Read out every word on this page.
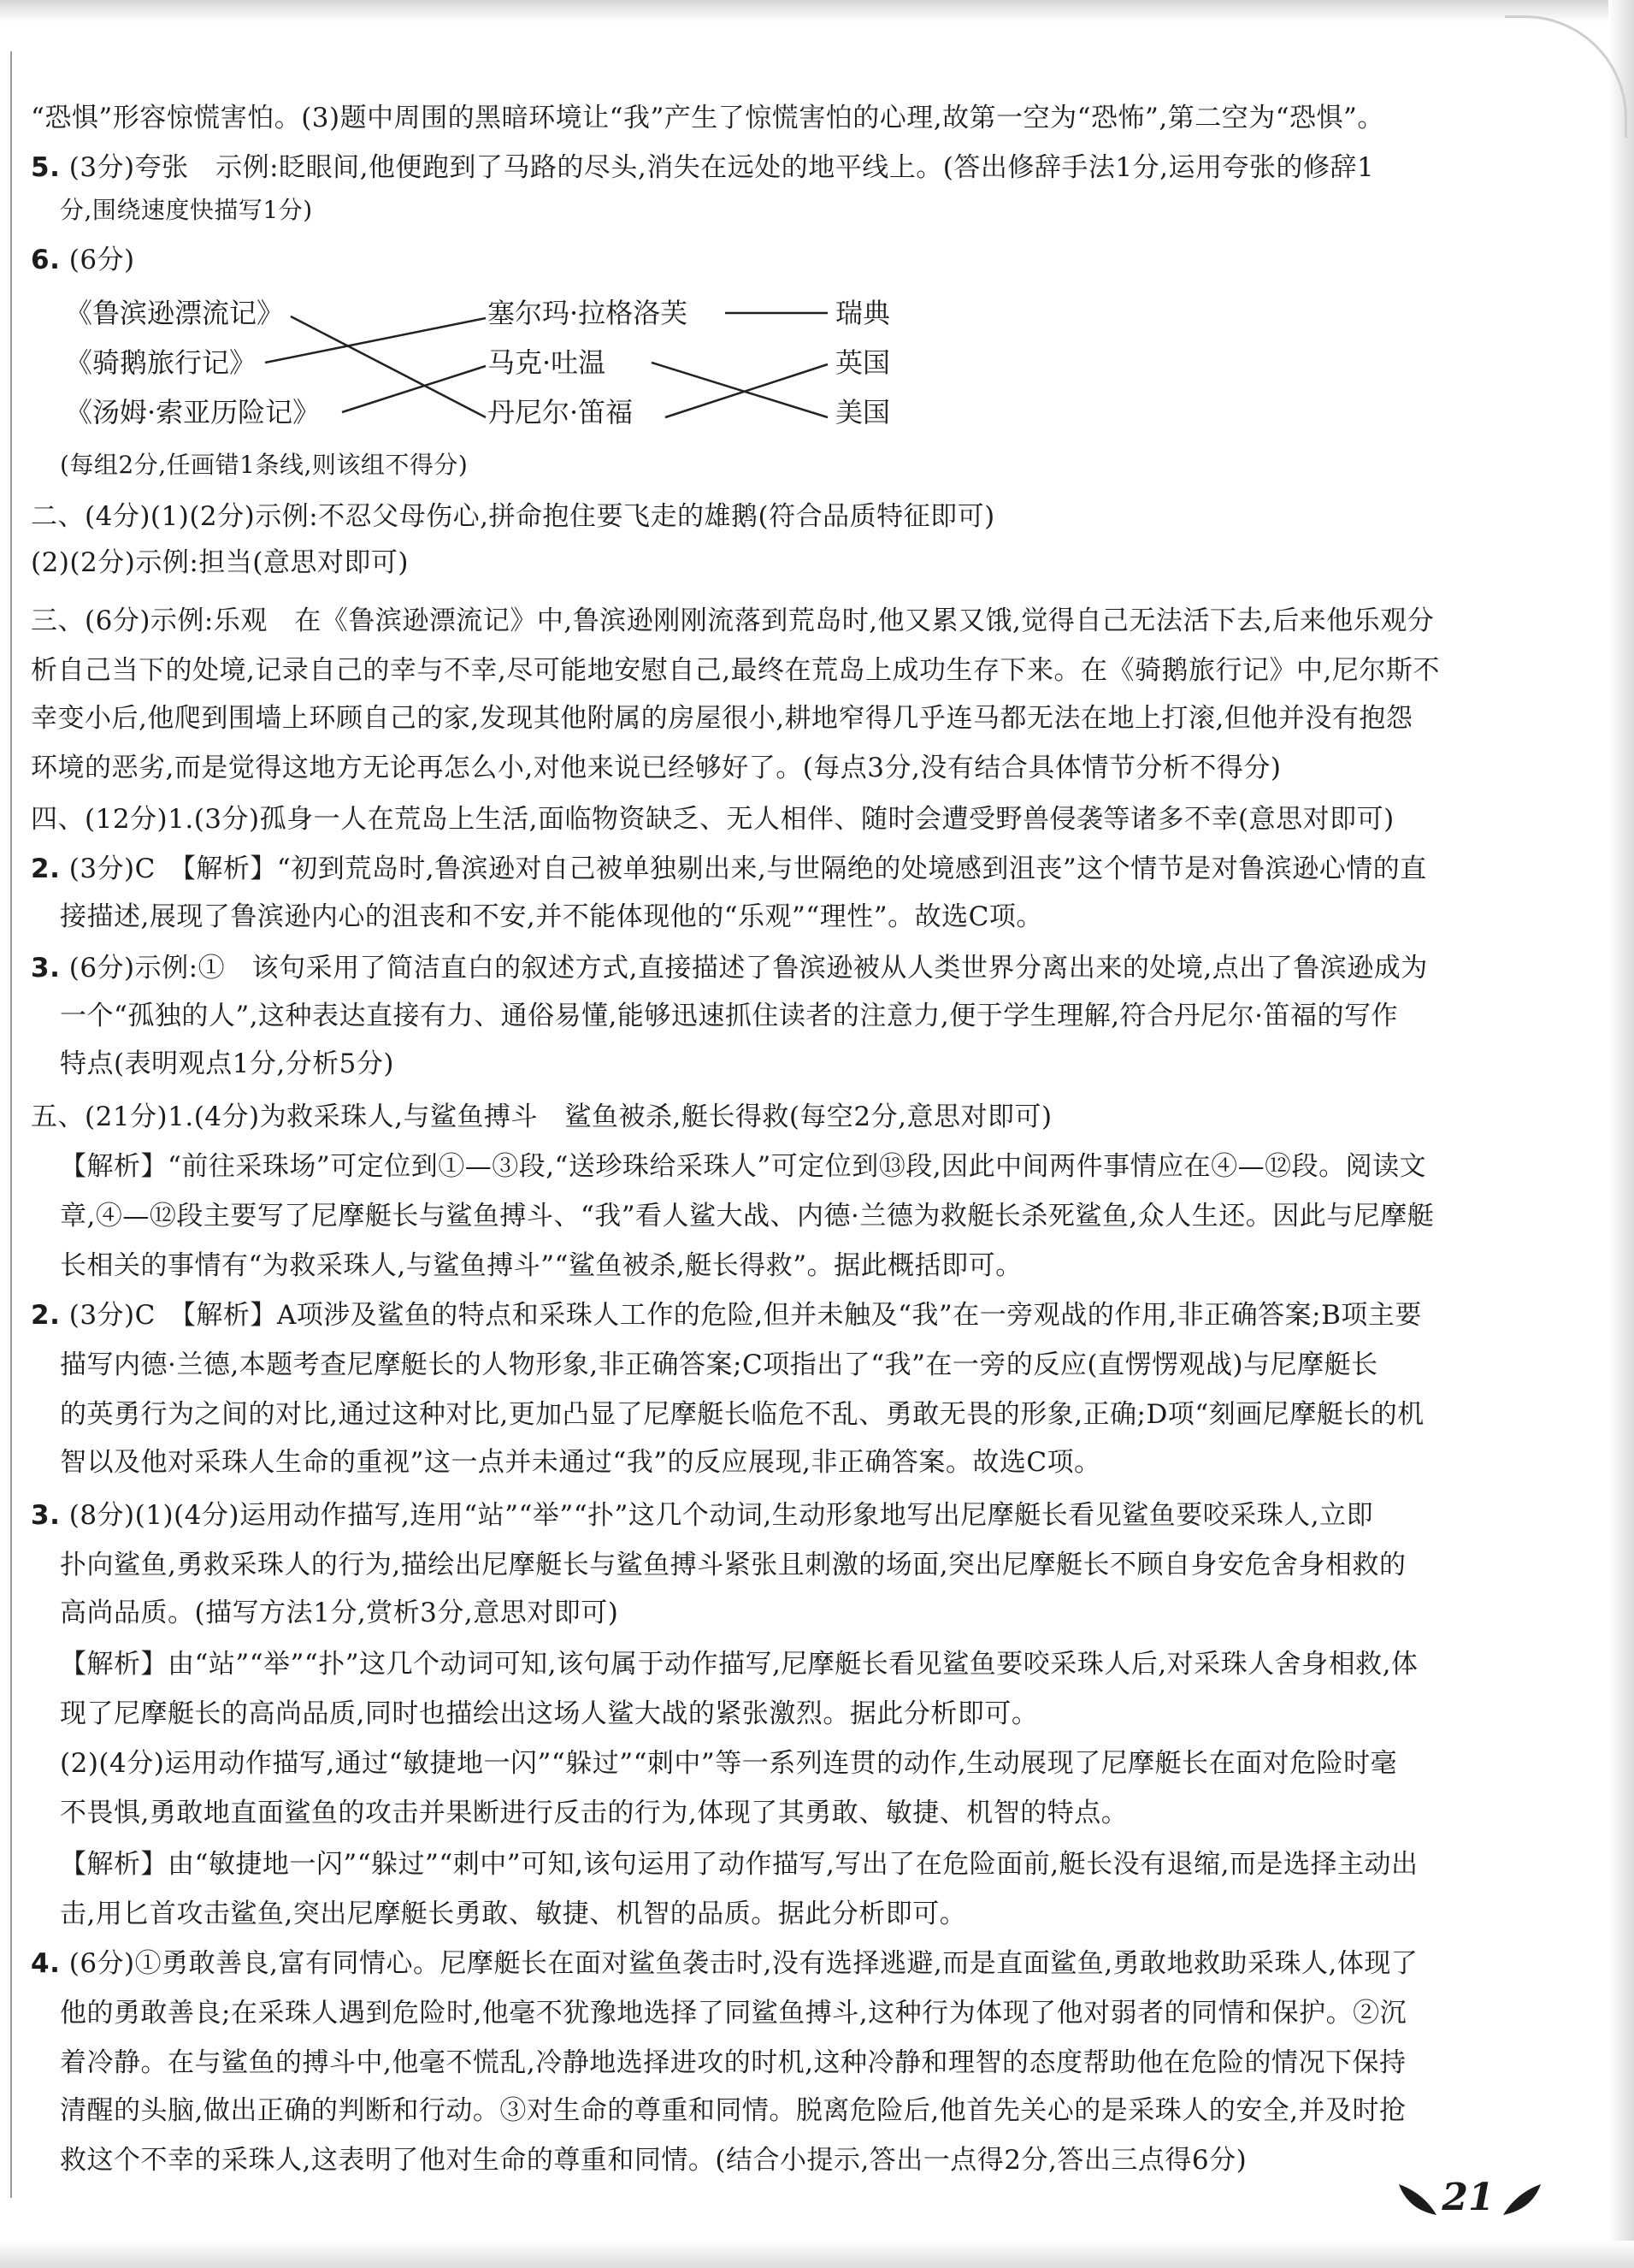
“恐惧”形容惊慌害怕。(3)题中周围的黑暗环境让“我”产生了惊慌害怕的心理,故第一空为“恐怖”,第二空为“恐惧”。
5. (3分)夸张　示例:眨眼间,他便跑到了马路的尽头,消失在远处的地平线上。(答出修辞手法1分,运用夸张的修辞1
分,围绕速度快描写1分)
6. (6分)
《鲁滨逊漂流记》
《骑鹅旅行记》
《汤姆·索亚历险记》
塞尔玛·拉格洛芙
马克·吐温
丹尼尔·笛福
瑞典
英国
美国
(每组2分,任画错1条线,则该组不得分)
二、(4分)(1)(2分)示例:不忍父母伤心,拼命抱住要飞走的雄鹅(符合品质特征即可)
(2)(2分)示例:担当(意思对即可)
三、(6分)示例:乐观　在《鲁滨逊漂流记》中,鲁滨逊刚刚流落到荒岛时,他又累又饿,觉得自己无法活下去,后来他乐观分
析自己当下的处境,记录自己的幸与不幸,尽可能地安慰自己,最终在荒岛上成功生存下来。在《骑鹅旅行记》中,尼尔斯不
幸变小后,他爬到围墙上环顾自己的家,发现其他附属的房屋很小,耕地窄得几乎连马都无法在地上打滚,但他并没有抱怨
环境的恶劣,而是觉得这地方无论再怎么小,对他来说已经够好了。(每点3分,没有结合具体情节分析不得分)
四、(12分)1.(3分)孤身一人在荒岛上生活,面临物资缺乏、无人相伴、随时会遭受野兽侵袭等诸多不幸(意思对即可)
2. (3分)C　【解析】“初到荒岛时,鲁滨逊对自己被单独剔出来,与世隔绝的处境感到沮丧”这个情节是对鲁滨逊心情的直
接描述,展现了鲁滨逊内心的沮丧和不安,并不能体现他的“乐观”“理性”。故选C项。
3. (6分)示例:①　该句采用了简洁直白的叙述方式,直接描述了鲁滨逊被从人类世界分离出来的处境,点出了鲁滨逊成为
一个“孤独的人”,这种表达直接有力、通俗易懂,能够迅速抓住读者的注意力,便于学生理解,符合丹尼尔·笛福的写作
特点(表明观点1分,分析5分)
五、(21分)1.(4分)为救采珠人,与鲨鱼搏斗　鲨鱼被杀,艇长得救(每空2分,意思对即可)
【解析】“前往采珠场”可定位到①—③段,“送珍珠给采珠人”可定位到⑬段,因此中间两件事情应在④—⑫段。阅读文
章,④—⑫段主要写了尼摩艇长与鲨鱼搏斗、“我”看人鲨大战、内德·兰德为救艇长杀死鲨鱼,众人生还。因此与尼摩艇
长相关的事情有“为救采珠人,与鲨鱼搏斗”“鲨鱼被杀,艇长得救”。据此概括即可。
2. (3分)C　【解析】A项涉及鲨鱼的特点和采珠人工作的危险,但并未触及“我”在一旁观战的作用,非正确答案;B项主要
描写内德·兰德,本题考查尼摩艇长的人物形象,非正确答案;C项指出了“我”在一旁的反应(直愣愣观战)与尼摩艇长
的英勇行为之间的对比,通过这种对比,更加凸显了尼摩艇长临危不乱、勇敢无畏的形象,正确;D项“刻画尼摩艇长的机
智以及他对采珠人生命的重视”这一点并未通过“我”的反应展现,非正确答案。故选C项。
3. (8分)(1)(4分)运用动作描写,连用“站”“举”“扑”这几个动词,生动形象地写出尼摩艇长看见鲨鱼要咬采珠人,立即
扑向鲨鱼,勇救采珠人的行为,描绘出尼摩艇长与鲨鱼搏斗紧张且刺激的场面,突出尼摩艇长不顾自身安危舍身相救的
高尚品质。(描写方法1分,赏析3分,意思对即可)
【解析】由“站”“举”“扑”这几个动词可知,该句属于动作描写,尼摩艇长看见鲨鱼要咬采珠人后,对采珠人舍身相救,体
现了尼摩艇长的高尚品质,同时也描绘出这场人鲨大战的紧张激烈。据此分析即可。
(2)(4分)运用动作描写,通过“敏捷地一闪”“躲过”“刺中”等一系列连贯的动作,生动展现了尼摩艇长在面对危险时毫
不畏惧,勇敢地直面鲨鱼的攻击并果断进行反击的行为,体现了其勇敢、敏捷、机智的特点。
【解析】由“敏捷地一闪”“躲过”“刺中”可知,该句运用了动作描写,写出了在危险面前,艇长没有退缩,而是选择主动出
击,用匕首攻击鲨鱼,突出尼摩艇长勇敢、敏捷、机智的品质。据此分析即可。
4. (6分)①勇敢善良,富有同情心。尼摩艇长在面对鲨鱼袭击时,没有选择逃避,而是直面鲨鱼,勇敢地救助采珠人,体现了
他的勇敢善良;在采珠人遇到危险时,他毫不犹豫地选择了同鲨鱼搏斗,这种行为体现了他对弱者的同情和保护。②沉
着冷静。在与鲨鱼的搏斗中,他毫不慌乱,冷静地选择进攻的时机,这种冷静和理智的态度帮助他在危险的情况下保持
清醒的头脑,做出正确的判断和行动。③对生命的尊重和同情。脱离危险后,他首先关心的是采珠人的安全,并及时抢
救这个不幸的采珠人,这表明了他对生命的尊重和同情。(结合小提示,答出一点得2分,答出三点得6分)
21
